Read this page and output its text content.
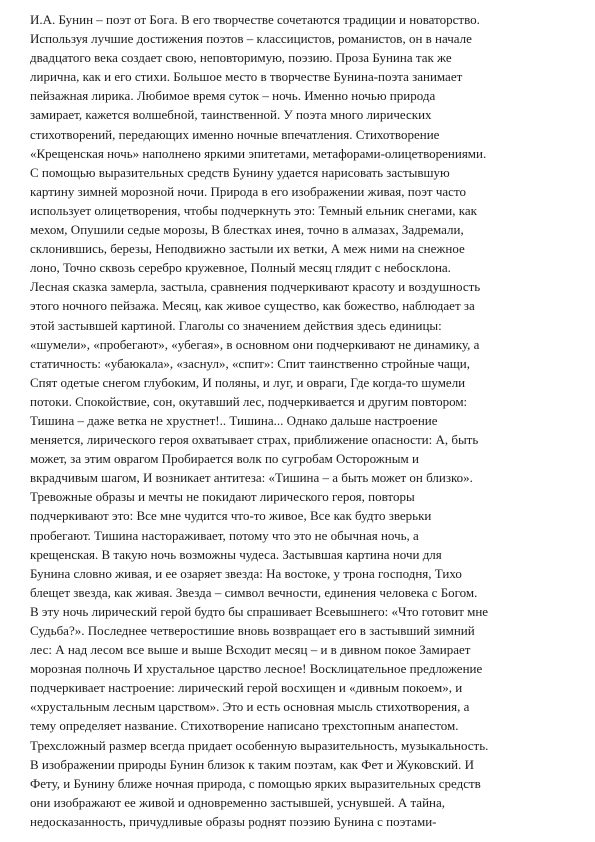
И.А. Бунин – поэт от Бога. В его творчестве сочетаются традиции и новаторство.
Используя лучшие достижения поэтов – классицистов, романистов, он в начале
двадцатого века создает свою, неповторимую, поэзию. Проза Бунина так же
лирична, как и его стихи. Большое место в творчестве Бунина-поэта занимает
пейзажная лирика. Любимое время суток – ночь. Именно ночью природа
замирает, кажется волшебной, таинственной. У поэта много лирических
стихотворений, передающих именно ночные впечатления. Стихотворение
«Крещенская ночь» наполнено яркими эпитетами, метафорами-олицетворениями.
С помощью выразительных средств Бунину удается нарисовать застывшую
картину зимней морозной ночи. Природа в его изображении живая, поэт часто
использует олицетворения, чтобы подчеркнуть это: Темный ельник снегами, как
мехом, Опушили седые морозы, В блестках инея, точно в алмазах, Задремали,
склонившись, березы, Неподвижно застыли их ветки, А меж ними на снежное
лоно, Точно сквозь серебро кружевное, Полный месяц глядит с небосклона.
Лесная сказка замерла, застыла, сравнения подчеркивают красоту и воздушность
этого ночного пейзажа. Месяц, как живое существо, как божество, наблюдает за
этой застывшей картиной. Глаголы со значением действия здесь единицы:
«шумели», «пробегают», «убегая», в основном они подчеркивают не динамику, а
статичность: «убаюкала», «заснул», «спит»: Спит таинственно стройные чащи,
Спят одетые снегом глубоким, И поляны, и луг, и овраги, Где когда-то шумели
потоки. Спокойствие, сон, окутавший лес, подчеркивается и другим повтором:
Тишина – даже ветка не хрустнет!.. Тишина... Однако дальше настроение
меняется, лирического героя охватывает страх, приближение опасности: А, быть
может, за этим оврагом Пробирается волк по сугробам Осторожным и
вкрадчивым шагом, И возникает антитеза: «Тишина – а быть может он близко».
Тревожные образы и мечты не покидают лирического героя, повторы
подчеркивают это: Все мне чудится что-то живое, Все как будто зверьки
пробегают. Тишина настораживает, потому что это не обычная ночь, а
крещенская. В такую ночь возможны чудеса. Застывшая картина ночи для
Бунина словно живая, и ее озаряет звезда: На востоке, у трона господня, Тихо
блещет звезда, как живая. Звезда – символ вечности, единения человека с Богом.
В эту ночь лирический герой будто бы спрашивает Всевышнего: «Что готовит мне
Судьба?». Последнее четверостишие вновь возвращает его в застывший зимний
лес: А над лесом все выше и выше Всходит месяц – и в дивном покое Замирает
морозная полночь И хрустальное царство лесное! Восклицательное предложение
подчеркивает настроение: лирический герой восхищен и «дивным покоем», и
«хрустальным лесным царством». Это и есть основная мысль стихотворения, а
тему определяет название. Стихотворение написано трехстопным анапестом.
Трехсложный размер всегда придает особенную выразительность, музыкальность.
В изображении природы Бунин близок к таким поэтам, как Фет и Жуковский. И
Фету, и Бунину ближе ночная природа, с помощью ярких выразительных средств
они изображают ее живой и одновременно застывшей, уснувшей. А тайна,
недосказанность, причудливые образы роднят поэзию Бунина с поэтами-
